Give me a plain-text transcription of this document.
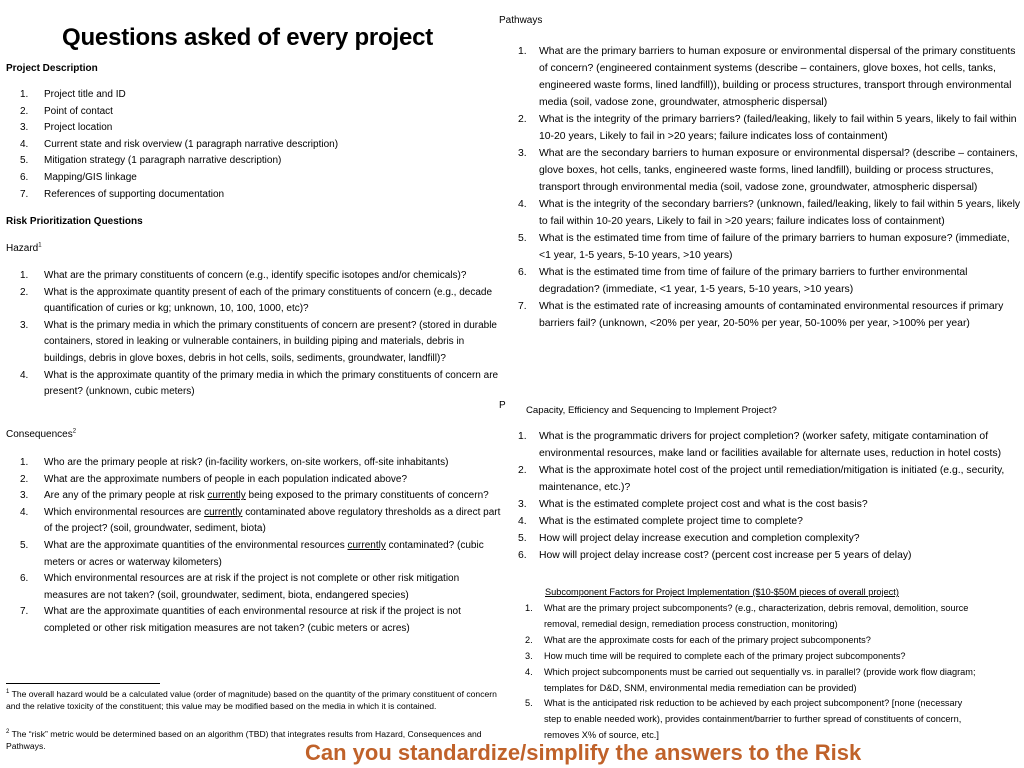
Questions asked of every project
Project Description
1. Project title and ID
2. Point of contact
3. Project location
4. Current state and risk overview (1 paragraph narrative description)
5. Mitigation strategy (1 paragraph narrative description)
6. Mapping/GIS linkage
7. References of supporting documentation
Risk Prioritization Questions
Hazard$^1$
1. What are the primary constituents of concern (e.g., identify specific isotopes and/or chemicals)?
2. What is the approximate quantity present of each of the primary constituents of concern (e.g., decade quantification of curies or kg; unknown, 10, 100, 1000, etc)?
3. What is the primary media in which the primary constituents of concern are present? (stored in durable containers, stored in leaking or vulnerable containers, in building piping and materials, debris in buildings, debris in glove boxes, debris in hot cells, soils, sediments, groundwater, landfill)?
4. What is the approximate quantity of the primary media in which the primary constituents of concern are present? (unknown, cubic meters)
Consequences$^2$
1. Who are the primary people at risk? (in-facility workers, on-site workers, off-site inhabitants)
2. What are the approximate numbers of people in each population indicated above?
3. Are any of the primary people at risk currently being exposed to the primary constituents of concern?
4. Which environmental resources are currently contaminated above regulatory thresholds as a direct part of the project? (soil, groundwater, sediment, biota)
5. What are the approximate quantities of the environmental resources currently contaminated? (cubic meters or acres or waterway kilometers)
6. Which environmental resources are at risk if the project is not complete or other risk mitigation measures are not taken? (soil, groundwater, sediment, biota, endangered species)
7. What are the approximate quantities of each environmental resource at risk if the project is not completed or other risk mitigation measures are not taken? (cubic meters or acres)
$^1$ The overall hazard would be a calculated value (order of magnitude) based on the quantity of the primary constituent of concern and the relative toxicity of the constituent; this value may be modified based on the media in which it is contained.
$^2$ The “risk” metric would be determined based on an algorithm (TBD) that integrates results from Hazard, Consequences and Pathways.
Pathways
1. What are the primary barriers to human exposure or environmental dispersal of the primary constituents of concern? (engineered containment systems (describe – containers, glove boxes, hot cells, tanks, engineered waste forms, lined landfill)), building or process structures, transport through environmental media (soil, vadose zone, groundwater, atmospheric dispersal)
2. What is the integrity of the primary barriers? (failed/leaking, likely to fail within 5 years, likely to fail within 10-20 years, Likely to fail in >20 years; failure indicates loss of containment)
3. What are the secondary barriers to human exposure or environmental dispersal? (describe – containers, glove boxes, hot cells, tanks, engineered waste forms, lined landfill), building or process structures, transport through environmental media (soil, vadose zone, groundwater, atmospheric dispersal)
4. What is the integrity of the secondary barriers? (unknown, failed/leaking, likely to fail within 5 years, likely to fail within 10-20 years, Likely to fail in >20 years; failure indicates loss of containment)
5. What is the estimated time from time of failure of the primary barriers to human exposure? (immediate, <1 year, 1-5 years, 5-10 years, >10 years)
6. What is the estimated time from time of failure of the primary barriers to further environmental degradation? (immediate, <1 year, 1-5 years, 5-10 years, >10 years)
7. What is the estimated rate of increasing amounts of contaminated environmental resources if primary barriers fail? (unknown, <20% per year, 20-50% per year, 50-100% per year, >100% per year)
P Capacity, Efficiency and Sequencing to Implement Project?
1. What is the programmatic drivers for project completion? (worker safety, mitigate contamination of environmental resources, make land or facilities available for alternate uses, reduction in hotel costs)
2. What is the approximate hotel cost of the project until remediation/mitigation is initiated (e.g., security, maintenance, etc.)?
3. What is the estimated complete project cost and what is the cost basis?
4. What is the estimated complete project time to complete?
5. How will project delay increase execution and completion complexity?
6. How will project delay increase cost? (percent cost increase per 5 years of delay)
Subcomponent Factors for Project Implementation ($10-$50M pieces of overall project)
1. What are the primary project subcomponents? (e.g., characterization, debris removal, demolition, source removal, remedial design, remediation process construction, monitoring)
2. What are the approximate costs for each of the primary project subcomponents?
3. How much time will be required to complete each of the primary project subcomponents?
4. Which project subcomponents must be carried out sequentially vs. in parallel? (provide work flow diagram; templates for D&D, SNM, environmental media remediation can be provided)
5. What is the anticipated risk reduction to be achieved by each project subcomponent? [none (necessary step to enable needed work), provides containment/barrier to further spread of constituents of concern, removes X% of source, etc.]
Can you standardize/simplify the answers to the Risk
